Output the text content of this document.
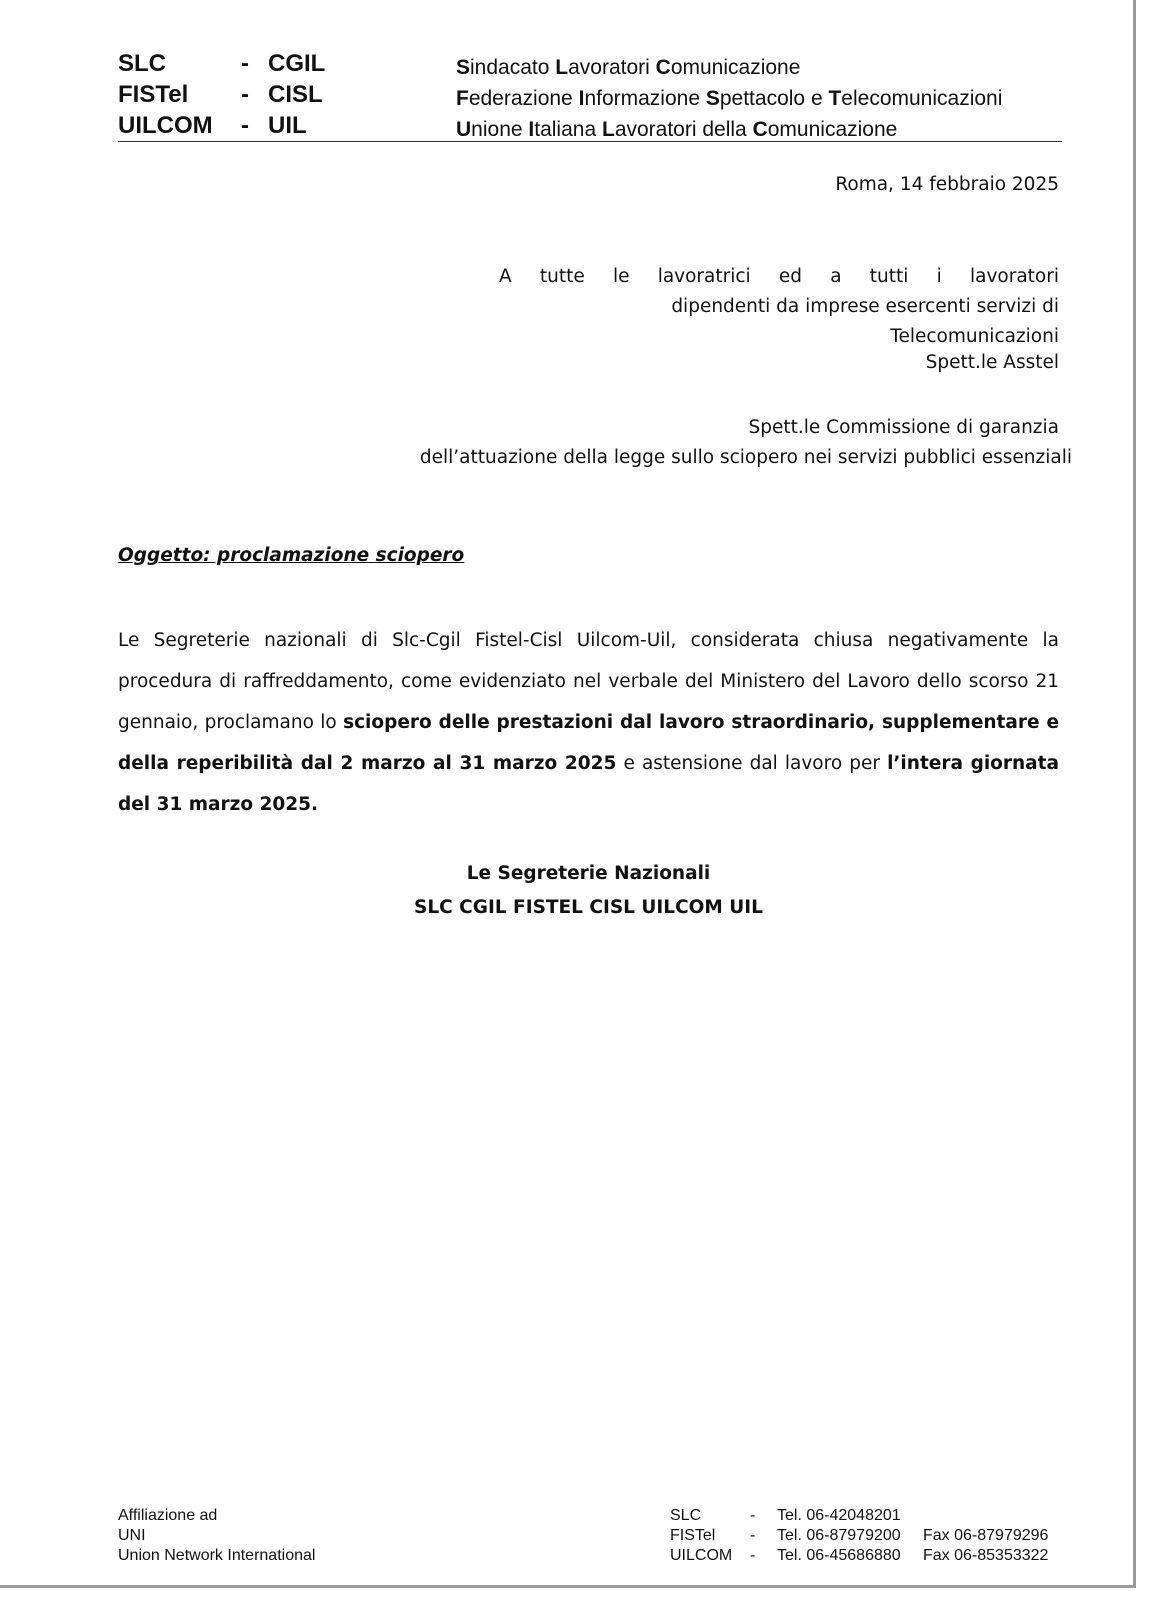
SLC	- CGIL
FISTel - CISL
UILCOM - UIL
Sindacato Lavoratori Comunicazione
Federazione Informazione Spettacolo e Telecomunicazioni
Unione Italiana Lavoratori della Comunicazione
Roma, 14 febbraio 2025
A tutte le lavoratrici ed a tutti i lavoratori
dipendenti da imprese esercenti servizi di Telecomunicazioni
Spett.le Asstel
Spett.le Commissione di garanzia
dell’attuazione della legge sullo sciopero nei servizi pubblici essenziali
Oggetto: proclamazione sciopero
Le Segreterie nazionali di Slc-Cgil Fistel-Cisl Uilcom-Uil, considerata chiusa negativamente la procedura di raffreddamento, come evidenziato nel verbale del Ministero del Lavoro dello scorso 21 gennaio, proclamano lo sciopero delle prestazioni dal lavoro straordinario, supplementare e della reperibilità dal 2 marzo al 31 marzo 2025 e astensione dal lavoro per l’intera giornata del 31 marzo 2025.
Le Segreterie Nazionali
SLC CGIL FISTEL CISL UILCOM UIL
Affiliazione ad
UNI
Union Network International
SLC	- Tel. 06-42048201
FISTel - Tel. 06-87979200 Fax 06-87979296
UILCOM - Tel. 06-45686880 Fax 06-85353322
